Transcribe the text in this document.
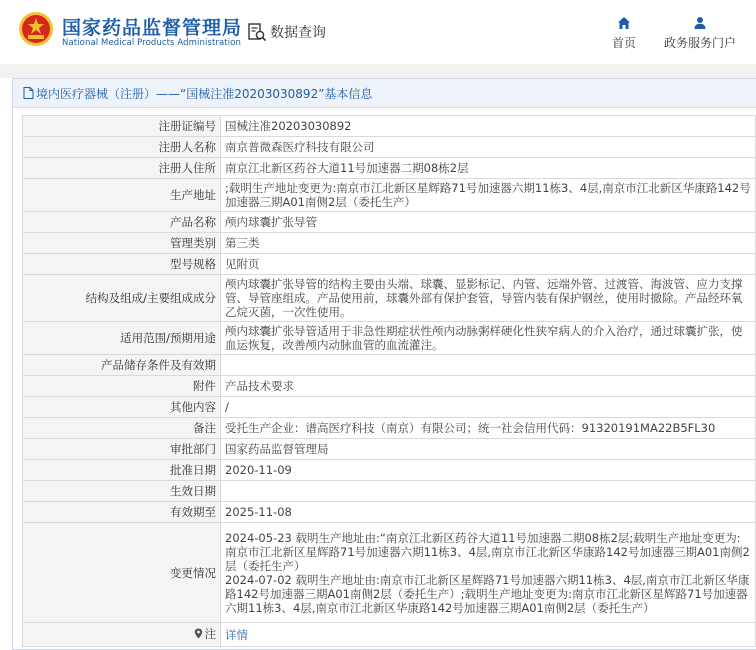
国家药品监督管理局
National Medical Products Administration
数据查询
首页	政务服务门户
境内医疗器械（注册）——“国械注准20203030892”基本信息
注册证编号	国械注准20203030892
注册人名称	南京普微森医疗科技有限公司
注册人住所	南京江北新区药谷大道11号加速器二期08栋2层
生产地址	;载明生产地址变更为:南京市江北新区星辉路71号加速器六期11栋3、4层,南京市江北新区华康路142号加速器三期A01南侧2层（委托生产）
产品名称	颅内球囊扩张导管
管理类别	第三类
型号规格	见附页
结构及组成/主要组成成分	颅内球囊扩张导管的结构主要由头端、球囊、显影标记、内管、远端外管、过渡管、海波管、应力支撑管、导管座组成。产品使用前，球囊外部有保护套管，导管内装有保护钢丝，使用时撤除。产品经环氧乙烷灭菌，一次性使用。
适用范围/预期用途	颅内球囊扩张导管适用于非急性期症状性颅内动脉粥样硬化性狭窄病人的介入治疗，通过球囊扩张，使血运恢复，改善颅内动脉血管的血流灌注。
产品储存条件及有效期	
附件	产品技术要求
其他内容	/
备注	受托生产企业：谱高医疗科技（南京）有限公司；统一社会信用代码：91320191MA22B5FL30
审批部门	国家药品监督管理局
批准日期	2020-11-09
生效日期	
有效期至	2025-11-08
变更情况	2024-05-23 载明生产地址由:“南京江北新区药谷大道11号加速器二期08栋2层;载明生产地址变更为:南京市江北新区星辉路71号加速器六期11栋3、4层,南京市江北新区华康路142号加速器三期A01南侧2层（委托生产）
2024-07-02 载明生产地址由:南京市江北新区星辉路71号加速器六期11栋3、4层,南京市江北新区华康路142号加速器三期A01南侧2层（委托生产）;载明生产地址变更为:南京市江北新区星辉路71号加速器六期11栋3、4层,南京市江北新区华康路142号加速器三期A01南侧2层（委托生产）

注	详情
